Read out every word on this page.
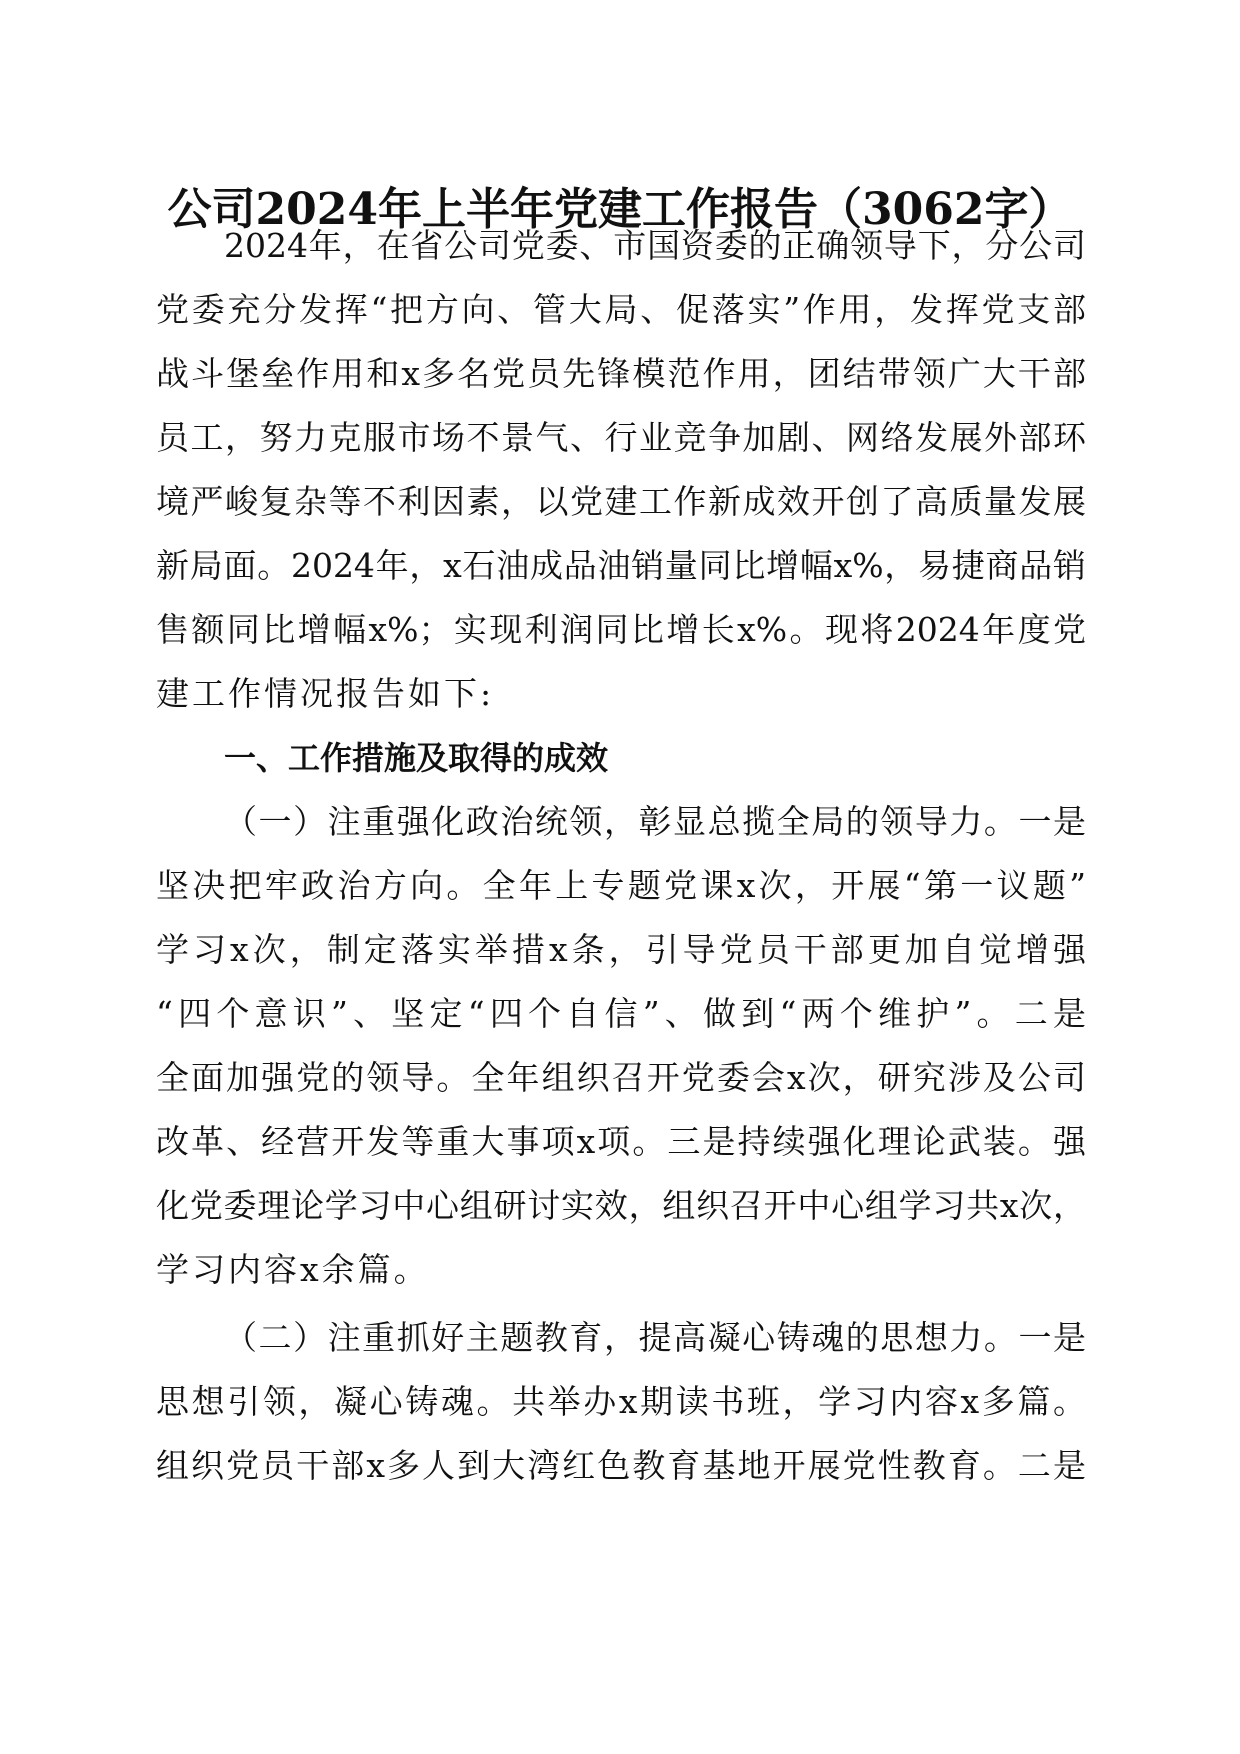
公司2024年上半年党建工作报告（3062字）
2024年，在省公司党委、市国资委的正确领导下，分公司
党委充分发挥“把方向、管大局、促落实”作用，发挥党支部
战斗堡垒作用和x多名党员先锋模范作用，团结带领广大干部
员工，努力克服市场不景气、行业竞争加剧、网络发展外部环
境严峻复杂等不利因素，以党建工作新成效开创了高质量发展
新局面。2024年，x石油成品油销量同比增幅x%，易捷商品销
售额同比增幅x%；实现利润同比增长x%。现将2024年度党
建工作情况报告如下:
一、工作措施及取得的成效
（一）注重强化政治统领，彰显总揽全局的领导力。一是
坚决把牢政治方向。全年上专题党课x次，开展“第一议题”
学习x次，制定落实举措x条，引导党员干部更加自觉增强
“四个意识”、坚定“四个自信”、做到“两个维护”。二是
全面加强党的领导。全年组织召开党委会x次，研究涉及公司
改革、经营开发等重大事项x项。三是持续强化理论武装。强
化党委理论学习中心组研讨实效，组织召开中心组学习共x次，
学习内容x余篇。
（二）注重抓好主题教育，提高凝心铸魂的思想力。一是
思想引领，凝心铸魂。共举办x期读书班，学习内容x多篇。
组织党员干部x多人到大湾红色教育基地开展党性教育。二是
